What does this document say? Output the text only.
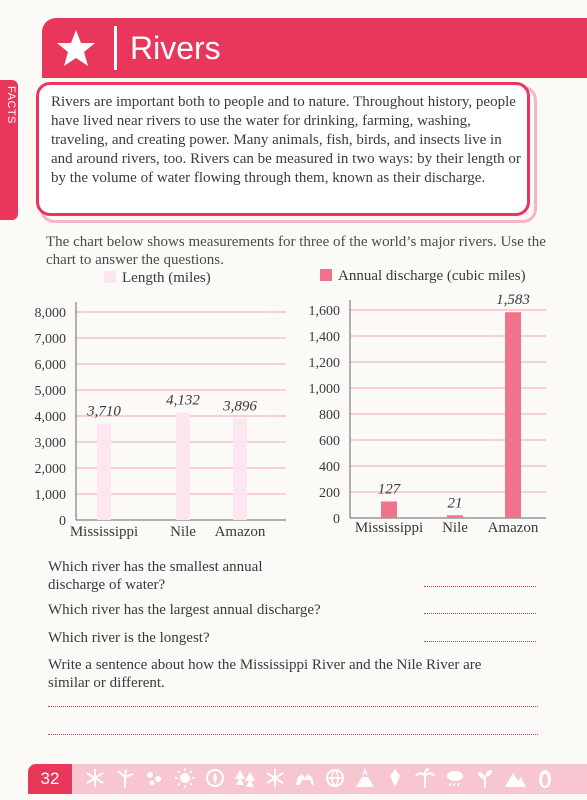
Rivers
FACTS Rivers are important both to people and to nature. Throughout history, people have lived near rivers to use the water for drinking, farming, washing, traveling, and creating power. Many animals, fish, birds, and insects live in and around rivers, too. Rivers can be measured in two ways: by their length or by the volume of water flowing through them, known as their discharge.
The chart below shows measurements for three of the world’s major rivers. Use the chart to answer the questions.
Length (miles)
0
1,000
2,000
3,000
4,000
5,000
6,000
7,000
8,000
3,710
Mississippi
4,132
Nile
3,896
Amazon
Annual discharge (cubic miles)
0
200
400
600
800
1,000
1,200
1,400
1,600
127
Mississippi
21
Nile
1,583
Amazon
Which river has the smallest annual discharge of water?
Which river has the largest annual discharge?
Which river is the longest?
Write a sentence about how the Mississippi River and the Nile River are similar or different.
32
